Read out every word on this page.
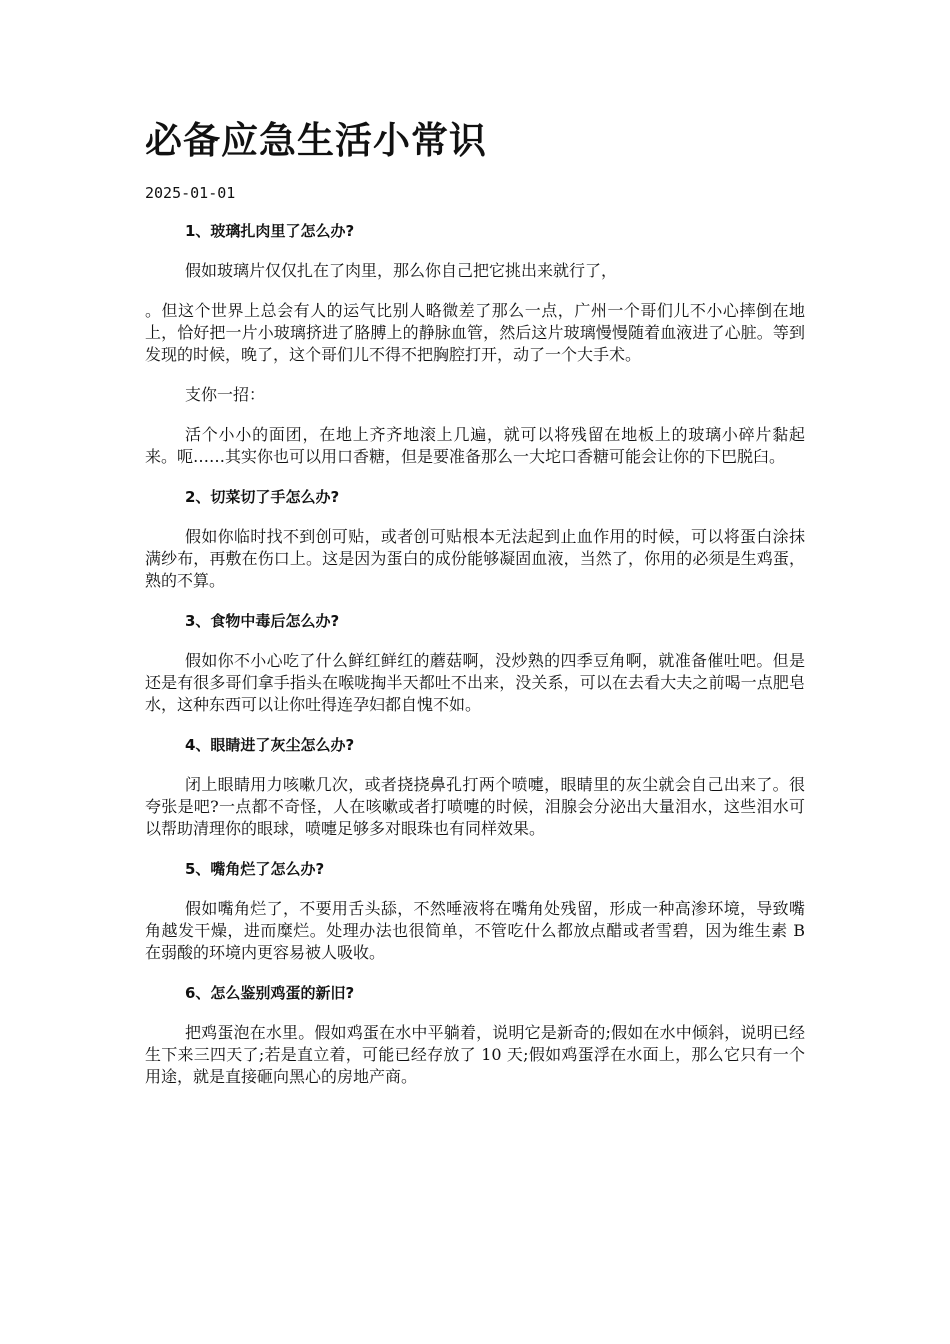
必备应急生活小常识
2025-01-01
1、玻璃扎肉里了怎么办?

假如玻璃片仅仅扎在了肉里，那么你自己把它挑出来就行了，

。但这个世界上总会有人的运气比别人略微差了那么一点，广州一个哥们儿不小心摔倒在地上，恰好把一片小玻璃挤进了胳膊上的静脉血管，然后这片玻璃慢慢随着血液进了心脏。等到发现的时候，晚了，这个哥们儿不得不把胸腔打开，动了一个大手术。

支你一招：

活个小小的面团，在地上齐齐地滚上几遍，就可以将残留在地板上的玻璃小碎片黏起来。呃……其实你也可以用口香糖，但是要准备那么一大坨口香糖可能会让你的下巴脱臼。

2、切菜切了手怎么办?

假如你临时找不到创可贴，或者创可贴根本无法起到止血作用的时候，可以将蛋白涂抹满纱布，再敷在伤口上。这是因为蛋白的成份能够凝固血液，当然了，你用的必须是生鸡蛋，熟的不算。

3、食物中毒后怎么办?

假如你不小心吃了什么鲜红鲜红的蘑菇啊，没炒熟的四季豆角啊，就准备催吐吧。但是还是有很多哥们拿手指头在喉咙掏半天都吐不出来，没关系，可以在去看大夫之前喝一点肥皂水，这种东西可以让你吐得连孕妇都自愧不如。

4、眼睛进了灰尘怎么办?

闭上眼睛用力咳嗽几次，或者挠挠鼻孔打两个喷嚏，眼睛里的灰尘就会自己出来了。很夸张是吧?一点都不奇怪，人在咳嗽或者打喷嚏的时候，泪腺会分泌出大量泪水，这些泪水可以帮助清理你的眼球，喷嚏足够多对眼珠也有同样效果。

5、嘴角烂了怎么办?

假如嘴角烂了，不要用舌头舔，不然唾液将在嘴角处残留，形成一种高渗环境，导致嘴角越发干燥，进而糜烂。处理办法也很简单，不管吃什么都放点醋或者雪碧，因为维生素 B 在弱酸的环境内更容易被人吸收。

6、怎么鉴别鸡蛋的新旧?

把鸡蛋泡在水里。假如鸡蛋在水中平躺着，说明它是新奇的;假如在水中倾斜，说明已经生下来三四天了;若是直立着，可能已经存放了 10 天;假如鸡蛋浮在水面上，那么它只有一个用途，就是直接砸向黑心的房地产商。
